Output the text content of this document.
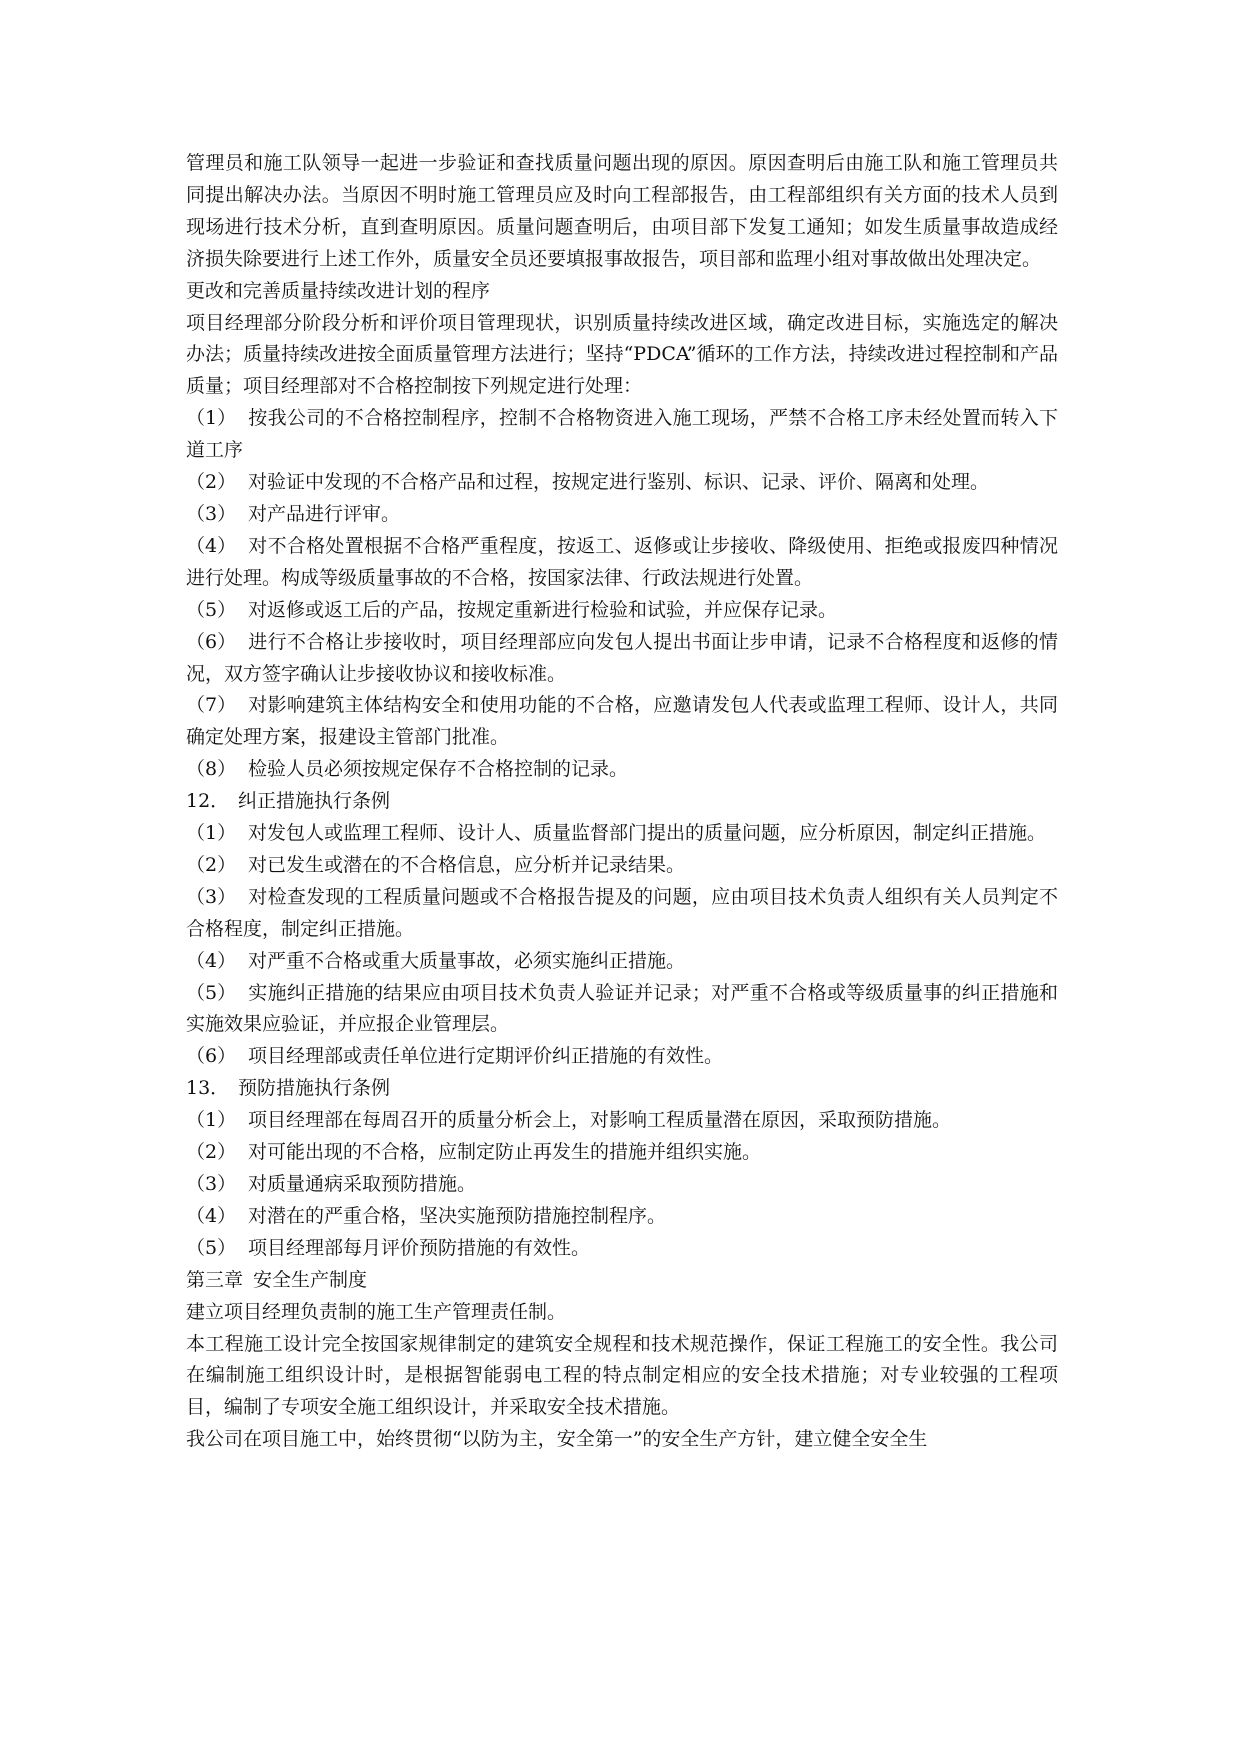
管理员和施工队领导一起进一步验证和查找质量问题出现的原因。原因查明后由施工队和施工管理员共同提出解决办法。当原因不明时施工管理员应及时向工程部报告，由工程部组织有关方面的技术人员到现场进行技术分析，直到查明原因。质量问题查明后，由项目部下发复工通知；如发生质量事故造成经济损失除要进行上述工作外，质量安全员还要填报事故报告，项目部和监理小组对事故做出处理决定。

更改和完善质量持续改进计划的程序

项目经理部分阶段分析和评价项目管理现状，识别质量持续改进区域，确定改进目标，实施选定的解决办法；质量持续改进按全面质量管理方法进行；坚持“PDCA”循环的工作方法，持续改进过程控制和产品质量；项目经理部对不合格控制按下列规定进行处理：

（1） 按我公司的不合格控制程序，控制不合格物资进入施工现场，严禁不合格工序未经处置而转入下道工序

（2） 对验证中发现的不合格产品和过程，按规定进行鉴别、标识、记录、评价、隔离和处理。

（3） 对产品进行评审。

（4） 对不合格处置根据不合格严重程度，按返工、返修或让步接收、降级使用、拒绝或报废四种情况进行处理。构成等级质量事故的不合格，按国家法律、行政法规进行处置。

（5） 对返修或返工后的产品，按规定重新进行检验和试验，并应保存记录。

（6） 进行不合格让步接收时，项目经理部应向发包人提出书面让步申请，记录不合格程度和返修的情况，双方签字确认让步接收协议和接收标准。

（7） 对影响建筑主体结构安全和使用功能的不合格，应邀请发包人代表或监理工程师、设计人，共同确定处理方案，报建设主管部门批准。

（8） 检验人员必须按规定保存不合格控制的记录。

12． 纠正措施执行条例

（1） 对发包人或监理工程师、设计人、质量监督部门提出的质量问题，应分析原因，制定纠正措施。

（2） 对已发生或潜在的不合格信息，应分析并记录结果。

（3） 对检查发现的工程质量问题或不合格报告提及的问题，应由项目技术负责人组织有关人员判定不合格程度，制定纠正措施。

（4） 对严重不合格或重大质量事故，必须实施纠正措施。

（5） 实施纠正措施的结果应由项目技术负责人验证并记录；对严重不合格或等级质量事的纠正措施和实施效果应验证，并应报企业管理层。

（6） 项目经理部或责任单位进行定期评价纠正措施的有效性。

13． 预防措施执行条例

（1） 项目经理部在每周召开的质量分析会上，对影响工程质量潜在原因，采取预防措施。

（2） 对可能出现的不合格，应制定防止再发生的措施并组织实施。

（3） 对质量通病采取预防措施。

（4） 对潜在的严重合格，坚决实施预防措施控制程序。

（5） 项目经理部每月评价预防措施的有效性。

第三章 安全生产制度

建立项目经理负责制的施工生产管理责任制。

本工程施工设计完全按国家规律制定的建筑安全规程和技术规范操作，保证工程施工的安全性。我公司在编制施工组织设计时，是根据智能弱电工程的特点制定相应的安全技术措施；对专业较强的工程项目，编制了专项安全施工组织设计，并采取安全技术措施。

我公司在项目施工中，始终贯彻“以防为主，安全第一”的安全生产方针，建立健全安全生
